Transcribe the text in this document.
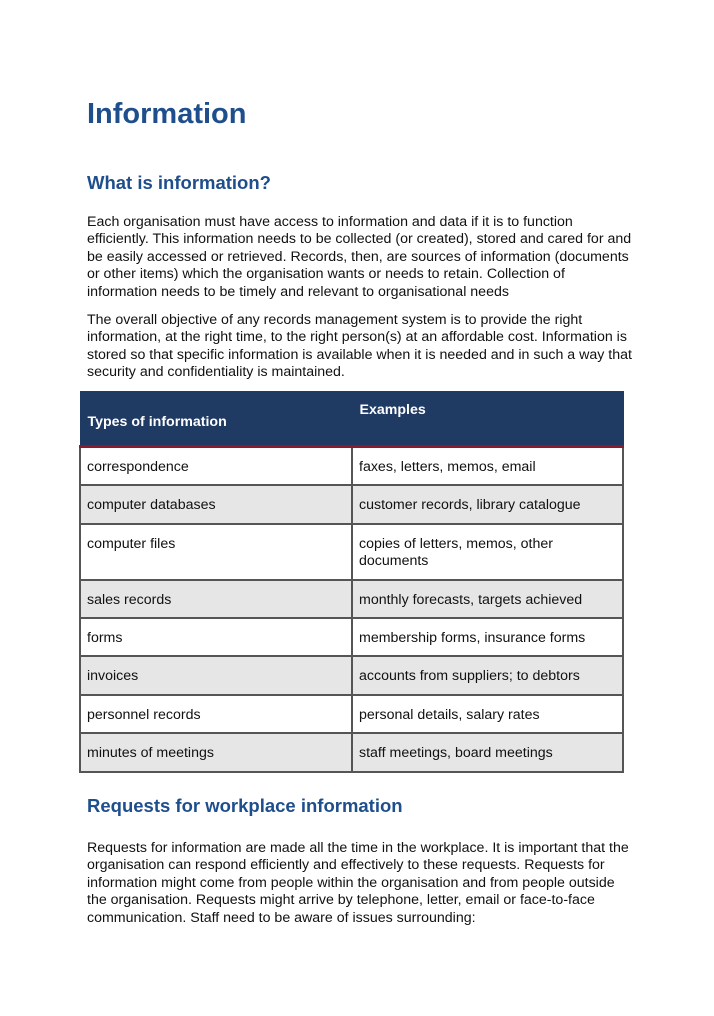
Information
What is information?

Each organisation must have access to information and data if it is to function efficiently. This information needs to be collected (or created), stored and cared for and be easily accessed or retrieved. Records, then, are sources of information (documents or other items) which the organisation wants or needs to retain. Collection of information needs to be timely and relevant to organisational needs

The overall objective of any records management system is to provide the right information, at the right time, to the right person(s) at an affordable cost. Information is stored so that specific information is available when it is needed and in such a way that security and confidentiality is maintained.

Types of information	Examples
correspondence	faxes, letters, memos, email
computer databases	customer records, library catalogue
computer files	copies of letters, memos, other documents
sales records	monthly forecasts, targets achieved
forms	membership forms, insurance forms
invoices	accounts from suppliers; to debtors
personnel records	personal details, salary rates
minutes of meetings	staff meetings, board meetings
Requests for workplace information

Requests for information are made all the time in the workplace. It is important that the organisation can respond efficiently and effectively to these requests. Requests for information might come from people within the organisation and from people outside the organisation. Requests might arrive by telephone, letter, email or face-to-face communication. Staff need to be aware of issues surrounding:
